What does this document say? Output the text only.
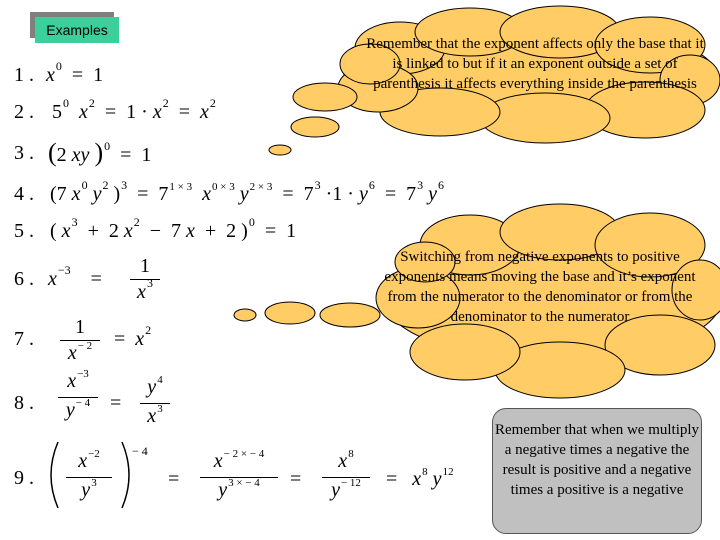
Examples
Remember that the exponent affects only the base that it is linked to but if it an exponent outside a set of parenthesis it affects everything inside the parenthesis
Switching from negative exponents to positive exponents means moving the base and it’s exponent from the numerator to the denominator or from the denominator to the numerator
Remember that when we multiply a negative times a negative the result is positive and a negative times a positive is a negative
1 .
2 .
3 .
4 .
5 .
6 .
7 .
8 .
9 .
$x^0 = 1$
$5^0$ $x^2 = 1 \cdot x^2 = x^2$
(2 xy )$^0$  =  1
(7 $x^0$ $y^2$ )$^3 = 7^{1 \times 3}$ $x^{0 \times 3}$ $y^{2 \times 3} = 7^3 \cdot 1 \cdot y^6 = 7^3$ $y^6$
( $x^3 + 2$ $x^2 - 7$ x  +  2 )$^0$  =  1
$x^{-3}$    =
1
$x^3$
1
$x^{- 2} = x^2$
$x^{-3}$
$y^{- 4}$ =
$y^4$
$x^3$
$x^{-2}$
$y^3$
− 4
=
$x^{- 2 \times - 4}$
$y^{3 \times - 4}$ =
$x^8$
$y^{- 12} = x^8$ $y^{12}$
